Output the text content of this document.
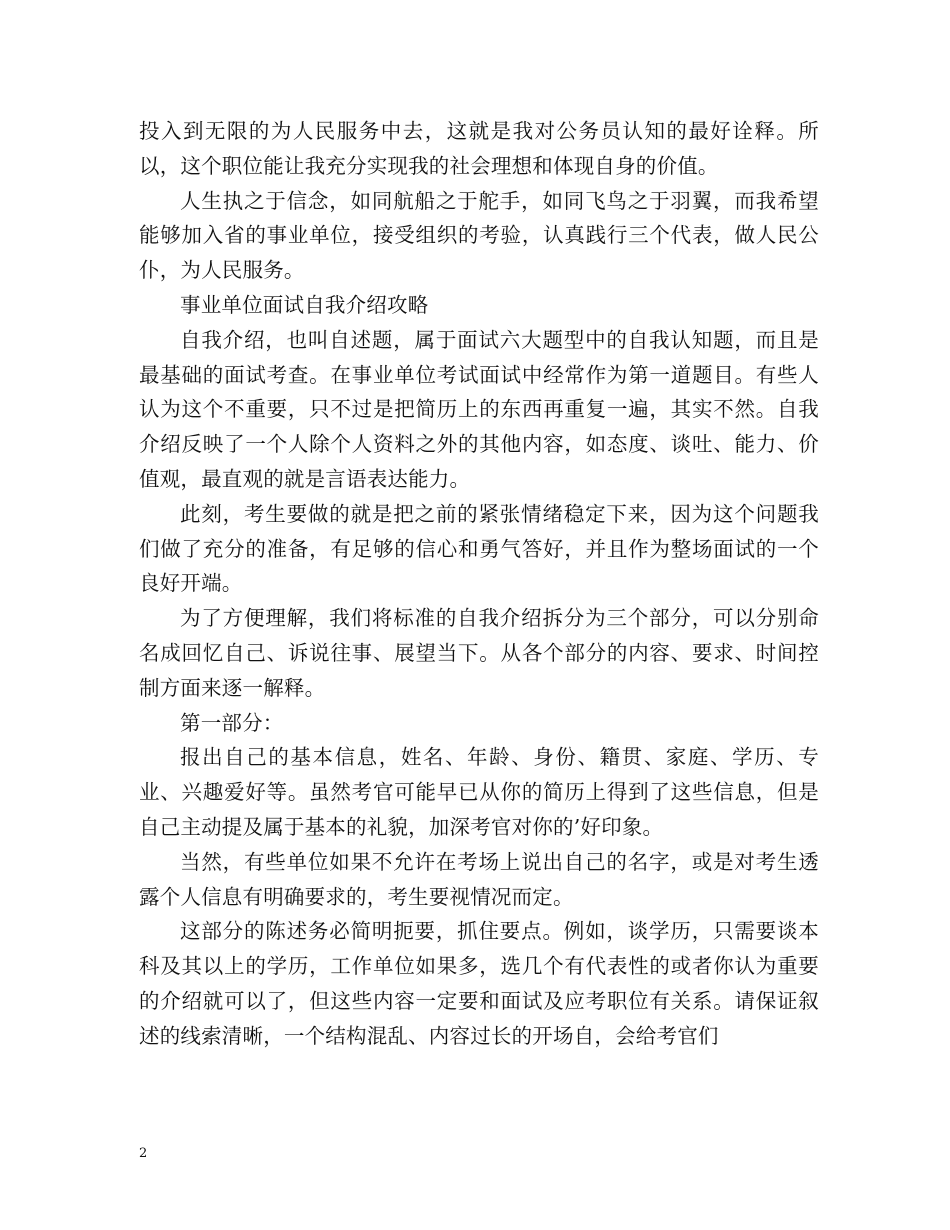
投入到无限的为人民服务中去，这就是我对公务员认知的最好诠释。所以，这个职位能让我充分实现我的社会理想和体现自身的价值。

人生执之于信念，如同航船之于舵手，如同飞鸟之于羽翼，而我希望能够加入省的事业单位，接受组织的考验，认真践行三个代表，做人民公仆，为人民服务。

事业单位面试自我介绍攻略

自我介绍，也叫自述题，属于面试六大题型中的自我认知题，而且是最基础的面试考查。在事业单位考试面试中经常作为第一道题目。有些人认为这个不重要，只不过是把简历上的东西再重复一遍，其实不然。自我介绍反映了一个人除个人资料之外的其他内容，如态度、谈吐、能力、价值观，最直观的就是言语表达能力。

此刻，考生要做的就是把之前的紧张情绪稳定下来，因为这个问题我们做了充分的准备，有足够的信心和勇气答好，并且作为整场面试的一个良好开端。

为了方便理解，我们将标准的自我介绍拆分为三个部分，可以分别命名成回忆自己、诉说往事、展望当下。从各个部分的内容、要求、时间控制方面来逐一解释。

第一部分：

报出自己的基本信息，姓名、年龄、身份、籍贯、家庭、学历、专业、兴趣爱好等。虽然考官可能早已从你的简历上得到了这些信息，但是自己主动提及属于基本的礼貌，加深考官对你的’好印象。

当然，有些单位如果不允许在考场上说出自己的名字，或是对考生透露个人信息有明确要求的，考生要视情况而定。

这部分的陈述务必简明扼要，抓住要点。例如，谈学历，只需要谈本科及其以上的学历，工作单位如果多，选几个有代表性的或者你认为重要的介绍就可以了，但这些内容一定要和面试及应考职位有关系。请保证叙述的线索清晰，一个结构混乱、内容过长的开场自，会给考官们

2
